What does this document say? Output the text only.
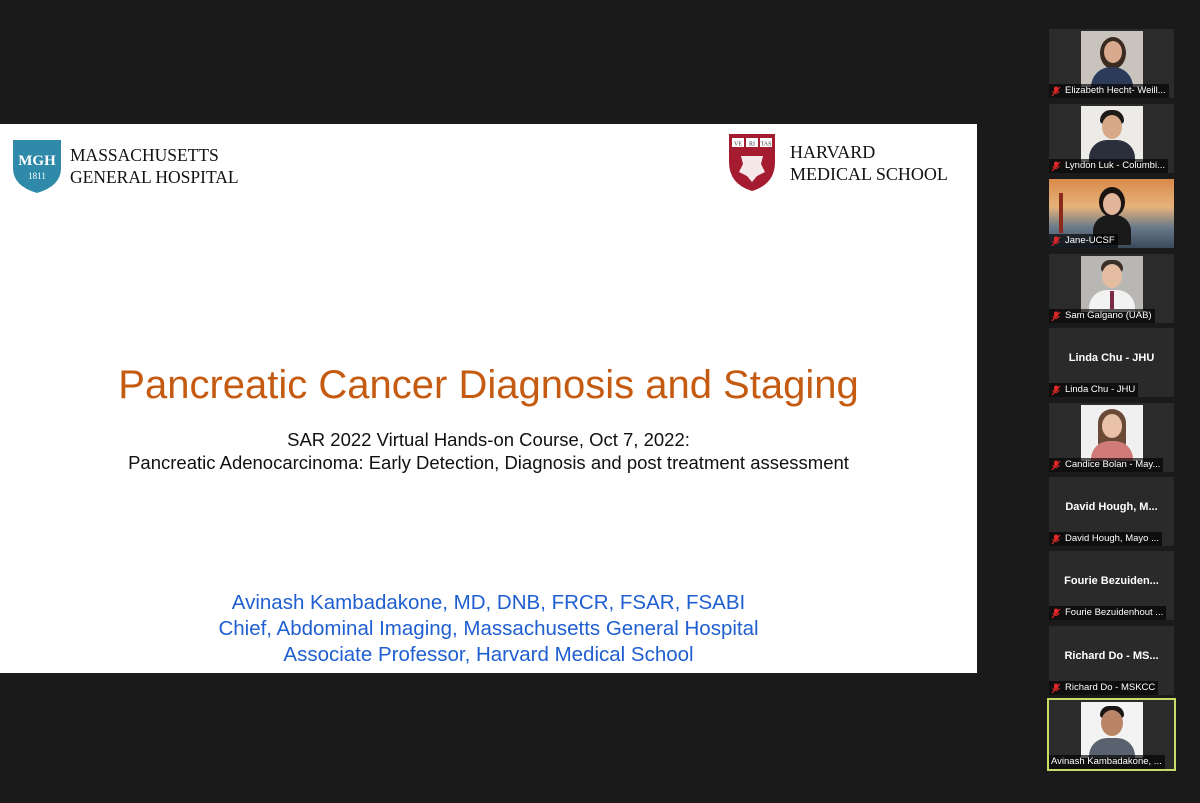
MGH
1811
MASSACHUSETTS
GENERAL HOSPITAL
VE RI TAS HARVARD
MEDICAL SCHOOL
Pancreatic Cancer Diagnosis and Staging
SAR 2022 Virtual Hands-on Course, Oct 7, 2022:
Pancreatic Adenocarcinoma: Early Detection, Diagnosis and post treatment assessment
Avinash Kambadakone, MD, DNB, FRCR, FSAR, FSABI
Chief, Abdominal Imaging, Massachusetts General Hospital
Associate Professor, Harvard Medical School
Elizabeth Hecht- Weill...
Lyndon Luk - Columbi...
Jane-UCSF
Sam Galgano (UAB)
Linda Chu - JHU
Linda Chu - JHU
Candice Bolan - May...
David Hough, M...
David Hough, Mayo ...
Fourie Bezuiden...
Fourie Bezuidenhout ...
Richard Do - MS...
Richard Do - MSKCC
Avinash Kambadakone, ...
